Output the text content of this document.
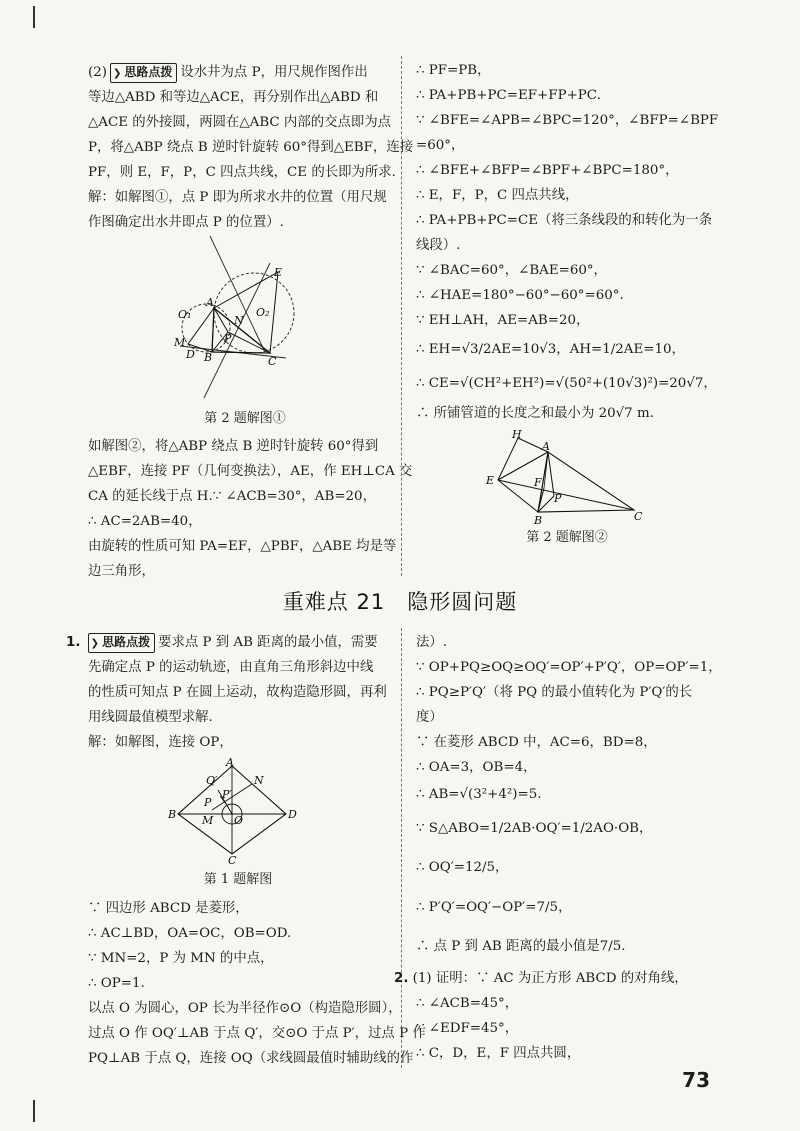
(2) ❯ 思路点拨 设水井为点 P，用尺规作图作出
等边△ABD 和等边△ACE，再分别作出△ABD 和
△ACE 的外接圆，两圆在△ABC 内部的交点即为点
P，将△ABP 绕点 B 逆时针旋转 60°得到△EBF，连接
PF，则 E，F，P，C 四点共线，CE 的长即为所求.
解：如解图①，点 P 即为所求水井的位置（用尺规
作图确定出水井即点 P 的位置）.
A
B	C
D
E
P
N
O₁	O₂
M
第 2 题解图①
如解图②，将△ABP 绕点 B 逆时针旋转 60°得到
△EBF，连接 PF（几何变换法），AE，作 EH⊥CA 交
CA 的延长线于点 H.∵ ∠ACB=30°，AB=20，
∴ AC=2AB=40，
由旋转的性质可知 PA=EF，△PBF，△ABE 均是等
边三角形，
∴ PF=PB，
∴ PA+PB+PC=EF+FP+PC.
∵ ∠BFE=∠APB=∠BPC=120°，∠BFP=∠BPF
=60°，
∴ ∠BFE+∠BFP=∠BPF+∠BPC=180°，
∴ E，F，P，C 四点共线，
∴ PA+PB+PC=CE（将三条线段的和转化为一条
线段）.
∵ ∠BAC=60°，∠BAE=60°，
∴ ∠HAE=180°−60°−60°=60°.
∵ EH⊥AH，AE=AB=20，
∴ EH=√3/2AE=10√3，AH=1/2AE=10，
∴ CE=√(CH²+EH²)=√(50²+(10√3)²)=20√7，
∴ 所铺管道的长度之和最小为 20√7 m.
H
A
E	F
P
B	C
第 2 题解图②
重难点 21　隐形圆问题
1. ❯ 思路点拨 要求点 P 到 AB 距离的最小值，需要
先确定点 P 的运动轨迹，由直角三角形斜边中线
的性质可知点 P 在圆上运动，故构造隐形圆，再利
用线圆最值模型求解.
解：如解图，连接 OP，
A
B
C
D
N
M O
P
Q′
P′
第 1 题解图
∵ 四边形 ABCD 是菱形，
∴ AC⊥BD，OA=OC，OB=OD.
∵ MN=2，P 为 MN 的中点，
∴ OP=1.
以点 O 为圆心，OP 长为半径作⊙O（构造隐形圆），
过点 O 作 OQ′⊥AB 于点 Q′，交⊙O 于点 P′，过点 P 作
PQ⊥AB 于点 Q，连接 OQ（求线圆最值时辅助线的作
法）.
∵ OP+PQ≥OQ≥OQ′=OP′+P′Q′，OP=OP′=1，
∴ PQ≥P′Q′（将 PQ 的最小值转化为 P′Q′的长
度）
∵ 在菱形 ABCD 中，AC=6，BD=8，
∴ OA=3，OB=4，
∴ AB=√(3²+4²)=5.
∵ S△ABO=1/2AB·OQ′=1/2AO·OB，
∴ OQ′=12/5，
∴ P′Q′=OQ′−OP′=7/5，
∴ 点 P 到 AB 距离的最小值是7/5.
2. (1) 证明：∵ AC 为正方形 ABCD 的对角线，
∴ ∠ACB=45°，
∵ ∠EDF=45°，
∴ C，D，E，F 四点共圆，
73
